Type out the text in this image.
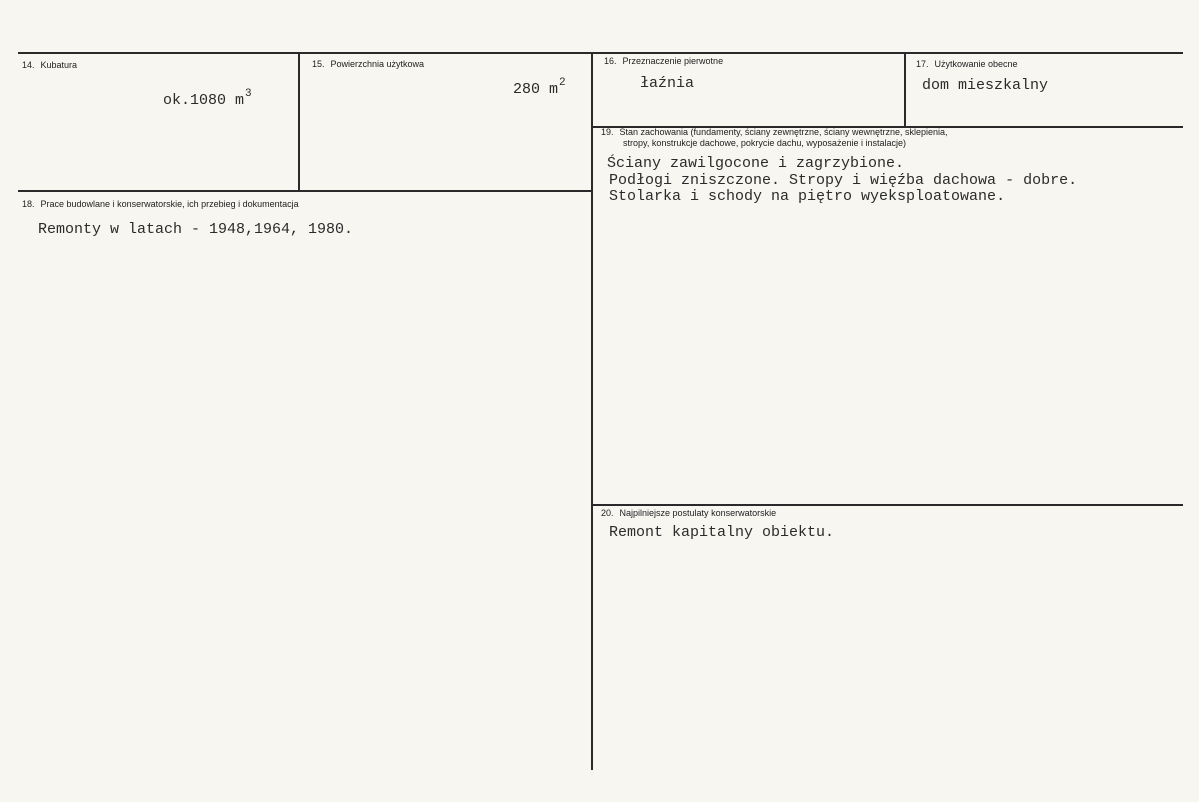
14. Kubatura
ok.1080 $m^3$
15. Powierzchnia użytkowa
280 $m^2$
16. Przeznaczenie pierwotne
łaźnia
17. Użytkowanie obecne
dom mieszkalny
18. Prace budowlane i konserwatorskie, ich przebieg i dokumentacja
Remonty w latach - 1948,1964, 1980.
19. Stan zachowania (fundamenty, ściany zewnętrzne, ściany wewnętrzne, sklepienia,
stropy, konstrukcje dachowe, pokrycie dachu, wyposażenie i instalacje)
Ściany zawilgocone i zagrzybione.
Podłogi zniszczone. Stropy i więźba dachowa - dobre.
Stolarka i schody na piętro wyeksploatowane.
20. Najpilniejsze postulaty konserwatorskie
Remont kapitalny obiektu.
